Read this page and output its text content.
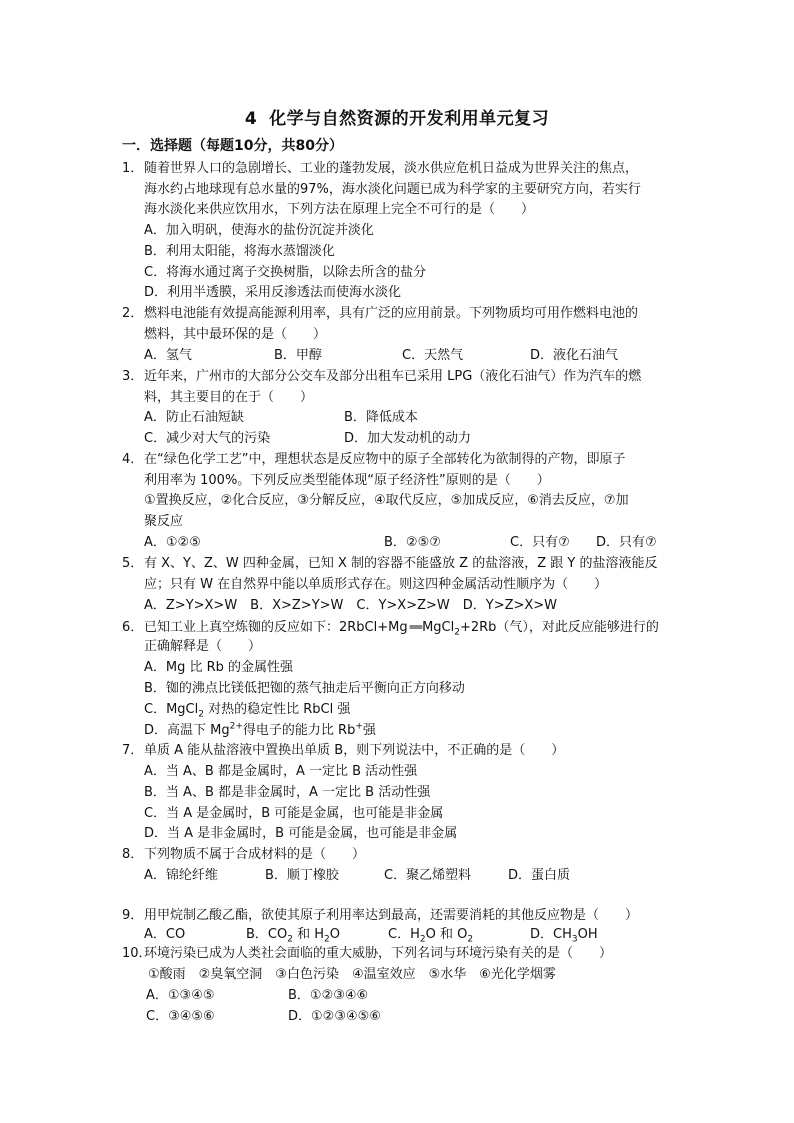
4 化学与自然资源的开发利用单元复习
一．选择题（每题10分，共80分）
1．随着世界人口的急剧增长、工业的蓬勃发展，淡水供应危机日益成为世界关注的焦点，
海水约占地球现有总水量的97%，海水淡化问题已成为科学家的主要研究方向，若实行
海水淡化来供应饮用水，下列方法在原理上完全不可行的是（　　）
A．加入明矾，使海水的盐份沉淀并淡化
B．利用太阳能，将海水蒸馏淡化
C．将海水通过离子交换树脂，以除去所含的盐分
D．利用半透膜，采用反渗透法而使海水淡化
2．燃料电池能有效提高能源利用率，具有广泛的应用前景。下列物质均可用作燃料电池的
燃料，其中最环保的是（　　）
A．氢气	B．甲醇	C．天然气	D．液化石油气
3．近年来，广州市的大部分公交车及部分出租车已采用 LPG（液化石油气）作为汽车的燃
料，其主要目的在于（　　）
A．防止石油短缺	B．降低成本
C．减少对大气的污染	D．加大发动机的动力
4．在“绿色化学工艺”中，理想状态是反应物中的原子全部转化为欲制得的产物，即原子
利用率为 100%。下列反应类型能体现“原子经济性”原则的是（　　）
①置换反应，②化合反应，③分解反应，④取代反应，⑤加成反应，⑥消去反应，⑦加
聚反应
A．①②⑤	B．②⑤⑦	C．只有⑦ D．只有⑦
5．有 X、Y、Z、W 四种金属，已知 X 制的容器不能盛放 Z 的盐溶液，Z 跟 Y 的盐溶液能反
应；只有 W 在自然界中能以单质形式存在。则这四种金属活动性顺序为（　　）
A．Z>Y>X>W　B．X>Z>Y>W　C．Y>X>Z>W　D．Y>Z>X>W
6．已知工业上真空炼铷的反应如下：2RbCl+Mg ══ MgCl$_2$+2Rb（气），对此反应能够进行的
正确解释是（　　）
A．Mg 比 Rb 的金属性强
B．铷的沸点比镁低把铷的蒸气抽走后平衡向正方向移动
C．MgCl$_2$ 对热的稳定性比 RbCl 强
D．高温下 $Mg^{2+}$得电子的能力比 Rb+强
7．单质 A 能从盐溶液中置换出单质 B，则下列说法中，不正确的是（　　）
A．当 A、B 都是金属时，A 一定比 B 活动性强
B．当 A、B 都是非金属时，A 一定比 B 活动性强
C．当 A 是金属时，B 可能是金属，也可能是非金属
D．当 A 是非金属时，B 可能是金属，也可能是非金属
8．下列物质不属于合成材料的是（　　）
A．锦纶纤维	B．顺丁橡胶	C．聚乙烯塑料	D．蛋白质
9．用甲烷制乙酸乙酯，欲使其原子利用率达到最高，还需要消耗的其他反应物是（　　）
A．CO	B．$CO_2$ 和 $H_2O$	C．$H_2O$ 和 $O_2$	D．$CH_3OH$
10．环境污染已成为人类社会面临的重大威胁，下列名词与环境污染有关的是（　　）
①酸雨　②臭氧空洞　③白色污染　④温室效应　⑤水华　⑥光化学烟雾
A．①③④⑤	B．①②③④⑥
C．③④⑤⑥	D．①②③④⑤⑥
